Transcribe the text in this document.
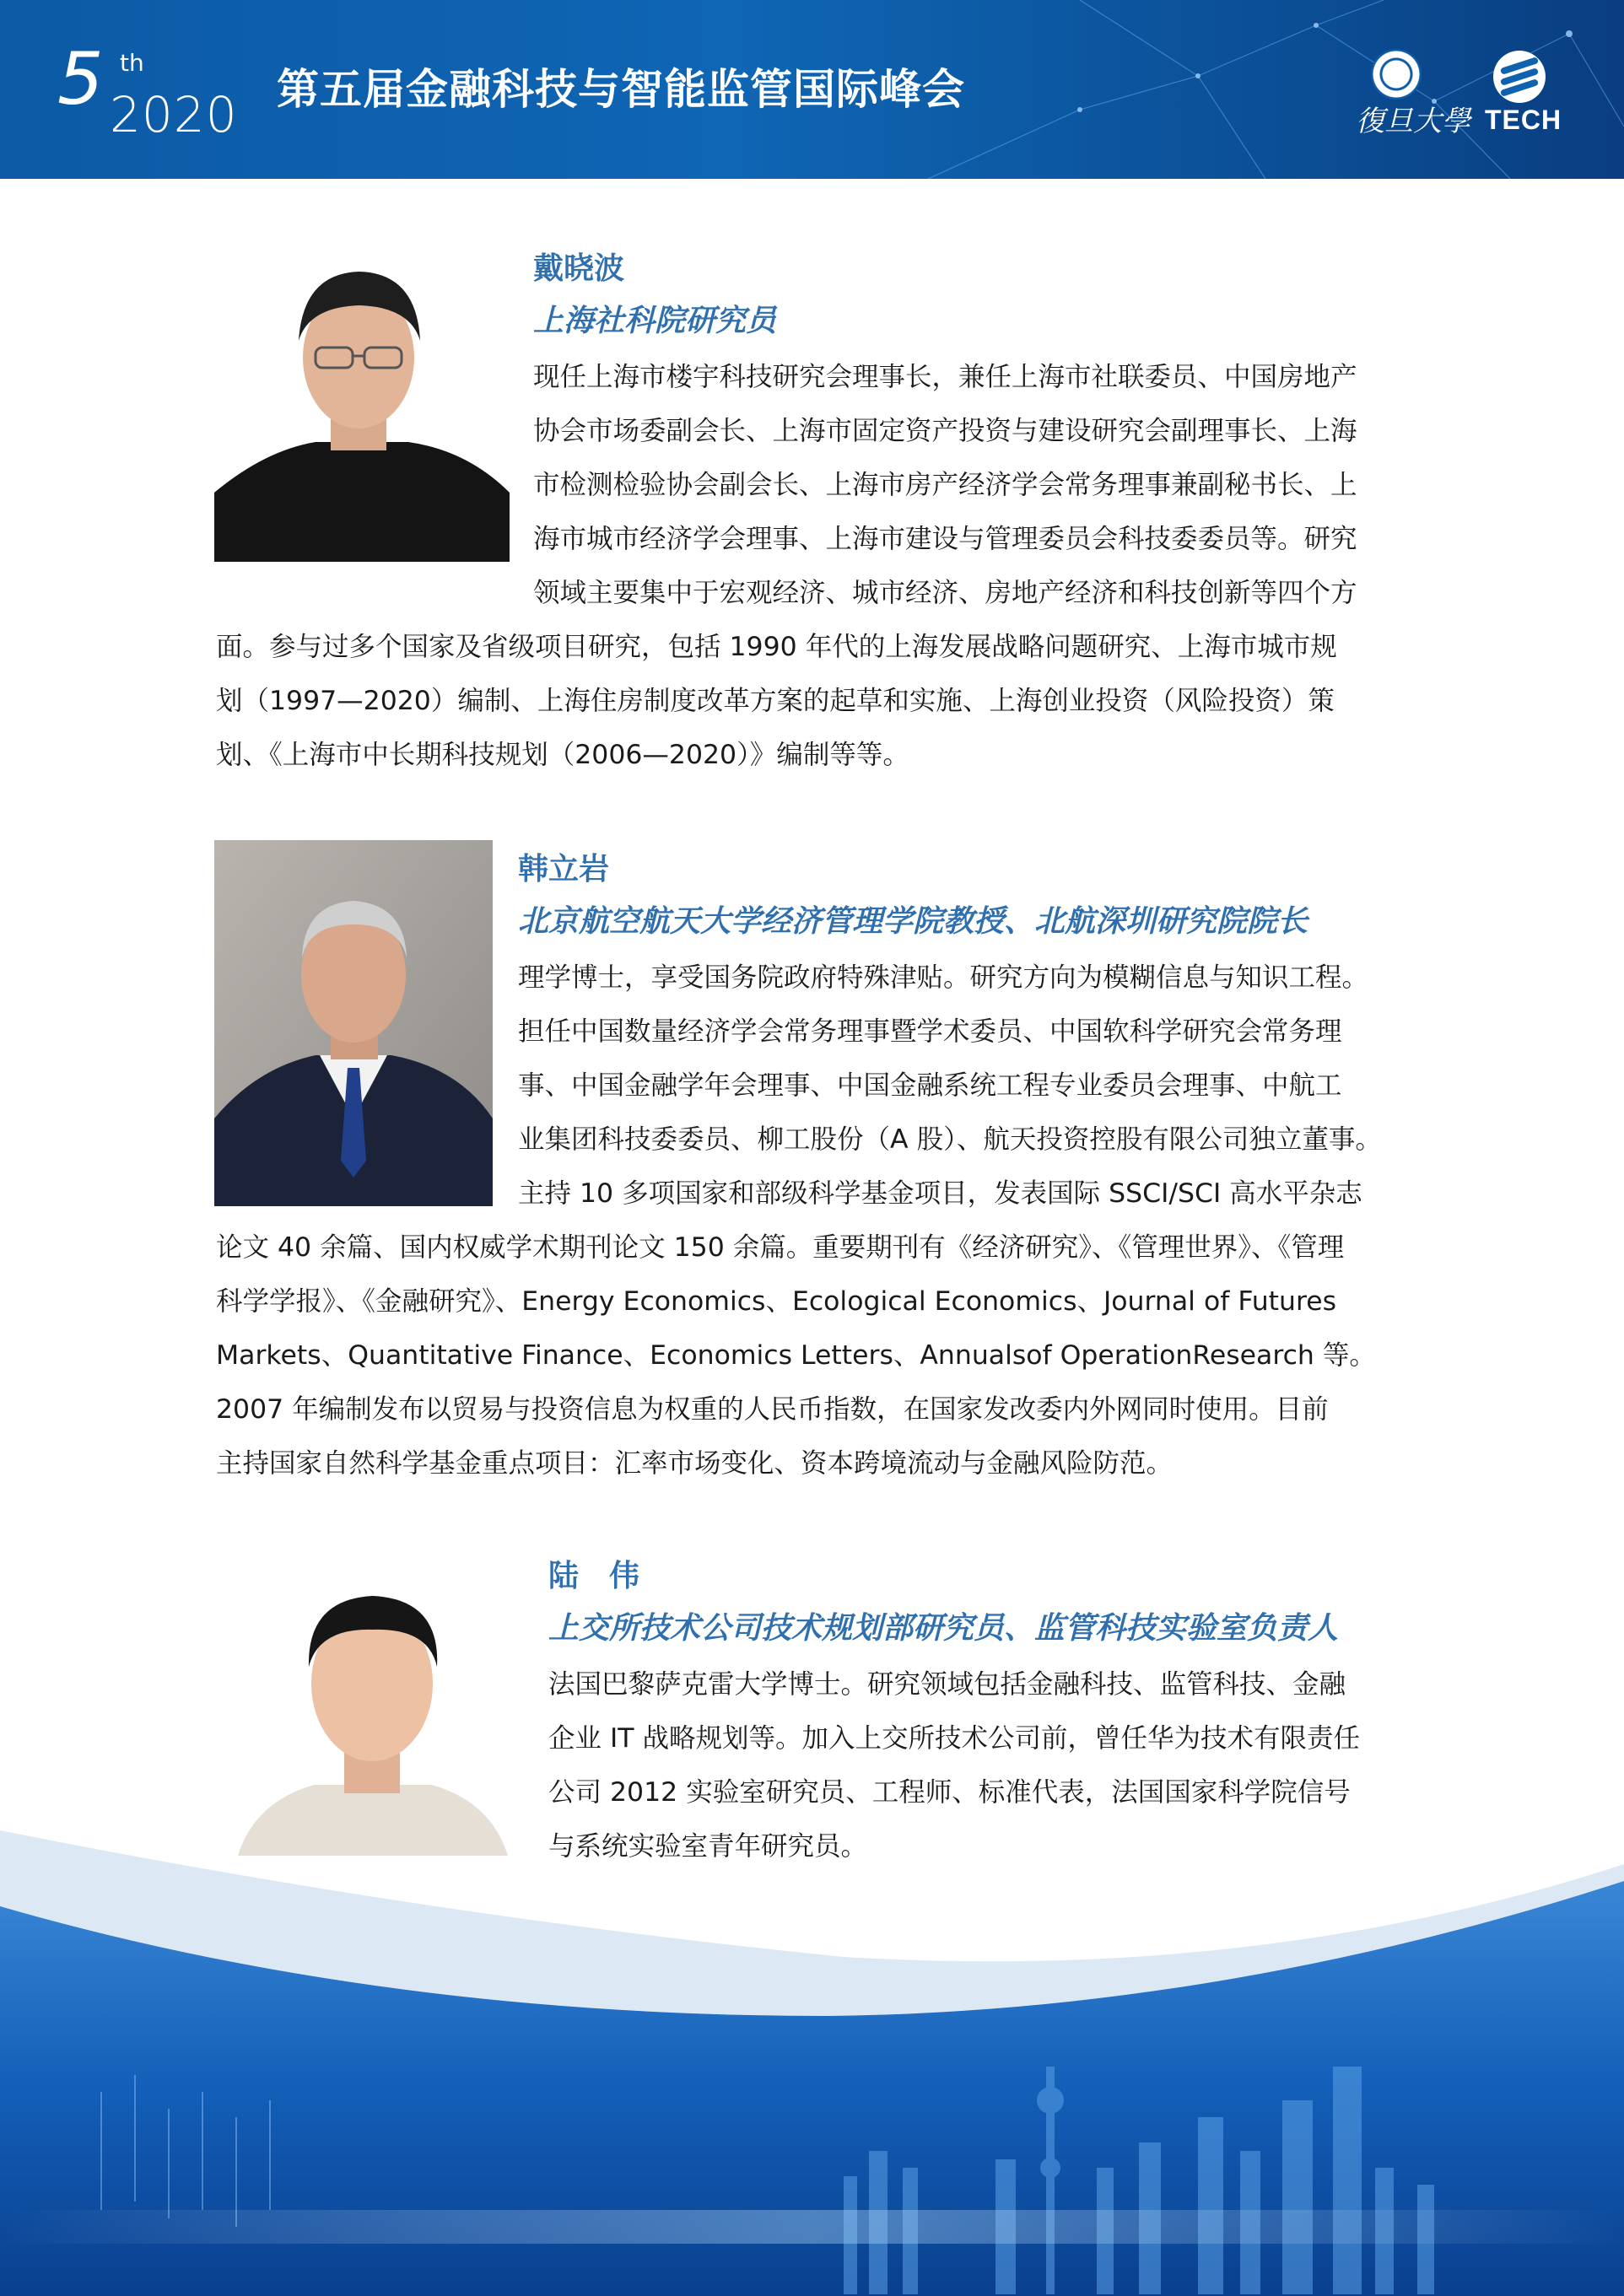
5 th
2020 第五届金融科技与智能监管国际峰会
復旦大學 TECH
戴晓波
上海社科院研究员
现任上海市楼宇科技研究会理事长，兼任上海市社联委员、中国房地产
协会市场委副会长、上海市固定资产投资与建设研究会副理事长、上海
市检测检验协会副会长、上海市房产经济学会常务理事兼副秘书长、上
海市城市经济学会理事、上海市建设与管理委员会科技委委员等。研究
领域主要集中于宏观经济、城市经济、房地产经济和科技创新等四个方
面。参与过多个国家及省级项目研究，包括 1990 年代的上海发展战略问题研究、上海市城市规
划（1997—2020）编制、上海住房制度改革方案的起草和实施、上海创业投资（风险投资）策
划、《上海市中长期科技规划（2006—2020）》编制等等。
韩立岩
北京航空航天大学经济管理学院教授、北航深圳研究院院长
理学博士，享受国务院政府特殊津贴。研究方向为模糊信息与知识工程。
担任中国数量经济学会常务理事暨学术委员、中国软科学研究会常务理
事、中国金融学年会理事、中国金融系统工程专业委员会理事、中航工
业集团科技委委员、柳工股份（A 股）、航天投资控股有限公司独立董事。
主持 10 多项国家和部级科学基金项目，发表国际 SSCI/SCI 高水平杂志
论文 40 余篇、国内权威学术期刊论文 150 余篇。重要期刊有《经济研究》、《管理世界》、《管理
科学学报》、《金融研究》、Energy Economics、Ecological Economics、Journal of Futures
Markets、Quantitative Finance、Economics Letters、Annualsof OperationResearch 等。
2007 年编制发布以贸易与投资信息为权重的人民币指数，在国家发改委内外网同时使用。目前
主持国家自然科学基金重点项目：汇率市场变化、资本跨境流动与金融风险防范。
陆　伟
上交所技术公司技术规划部研究员、监管科技实验室负责人
法国巴黎萨克雷大学博士。研究领域包括金融科技、监管科技、金融
企业 IT 战略规划等。加入上交所技术公司前，曾任华为技术有限责任
公司 2012 实验室研究员、工程师、标准代表，法国国家科学院信号
与系统实验室青年研究员。
